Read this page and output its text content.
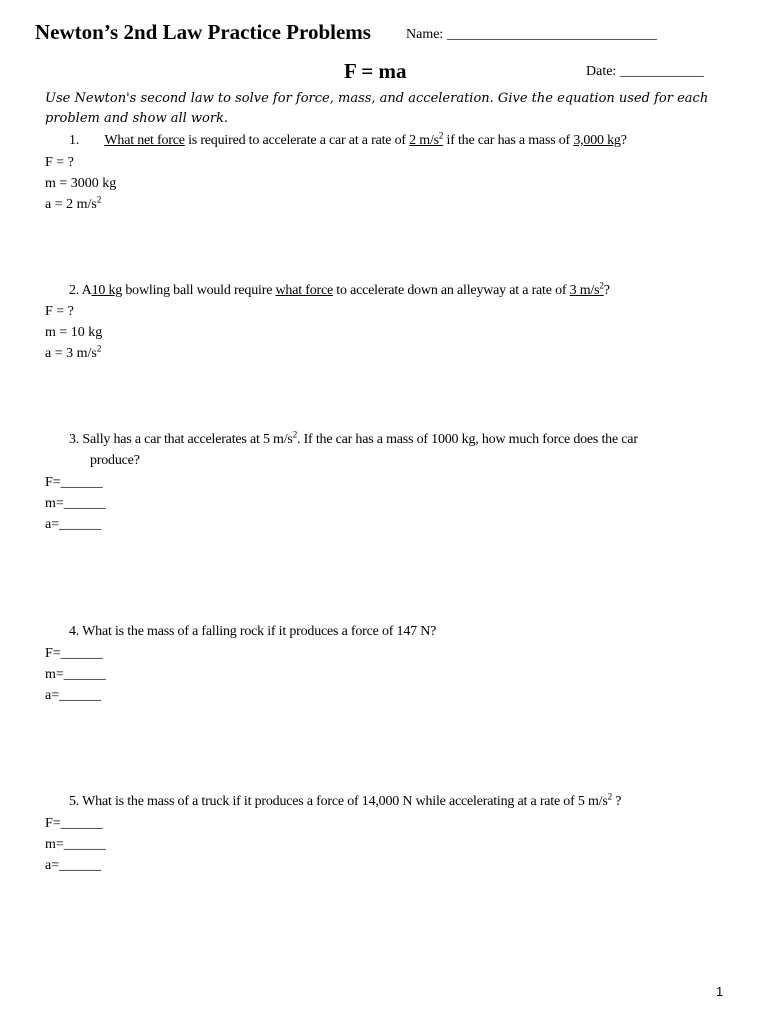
Newton’s 2nd Law Practice Problems	Name: ______________________________
F = ma	Date: ____________
Use Newton's second law to solve for force, mass, and acceleration. Give the equation used for each problem and show all work.
1. What net force is required to accelerate a car at a rate of 2 $m/s^2$ if the car has a mass of 3,000 kg?
F = ?
m = 3000 kg
a = 2 $m/s^2$
2. A10 kg bowling ball would require what force to accelerate down an alleyway at a rate of 3 $m/s^2$?
F = ?
m = 10 kg
a = 3 $m/s^2$
3. Sally has a car that accelerates at 5 $m/s^2$. If the car has a mass of 1000 kg, how much force does the car
produce?
F=______
m=______
a=______
4. What is the mass of a falling rock if it produces a force of 147 N?
F=______
m=______
a=______
5. What is the mass of a truck if it produces a force of 14,000 N while accelerating at a rate of 5 $m/s^2$ ?
F=______
m=______
a=______
1
